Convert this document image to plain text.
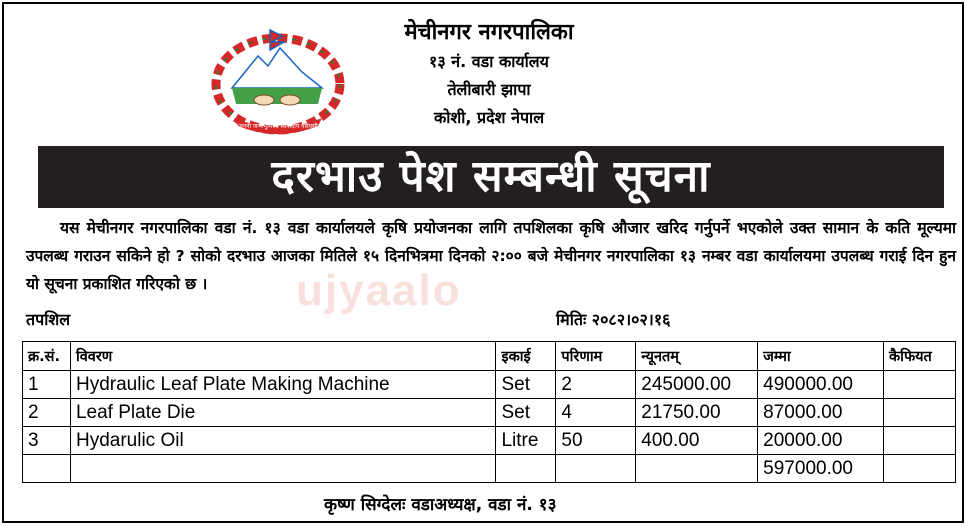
जननी जन्मभूमिश्च स्वर्गादपि गरीयसी
मेचीनगर नगरपालिका
१३ नं. वडा कार्यालय
तेलीबारी झापा
कोशी, प्रदेश नेपाल
दरभाउ पेश सम्बन्धी सूचना
ujyaalo
यस मेचीनगर नगरपालिका वडा नं. १३ वडा कार्यालयले कृषि प्रयोजनका लागि तपशिलका कृषि औजार खरिद गर्नुपर्ने भएकोले उक्त सामान के कति मूल्यमा उपलब्ध गराउन सकिने हो ? सोको दरभाउ आजका मितिले १५ दिनभित्रमा दिनको २:०० बजे मेचीनगर नगरपालिका १३ नम्बर वडा कार्यालयमा उपलब्ध गराई दिन हुन यो सूचना प्रकाशित गरिएको छ ।
तपशिल	मितिः २०८२।०२।१६
क्र.सं.	विवरण	इकाई	परिणाम	न्यूनतम्	जम्मा	कैफियत
1	Hydraulic Leaf Plate Making Machine	Set	2	245000.00	490000.00	
2	Leaf Plate Die	Set	4	21750.00	87000.00	
3	Hydarulic Oil	Litre	50	400.00	20000.00	
					597000.00	
कृष्ण सिग्देलः वडाअध्यक्ष, वडा नं. १३
